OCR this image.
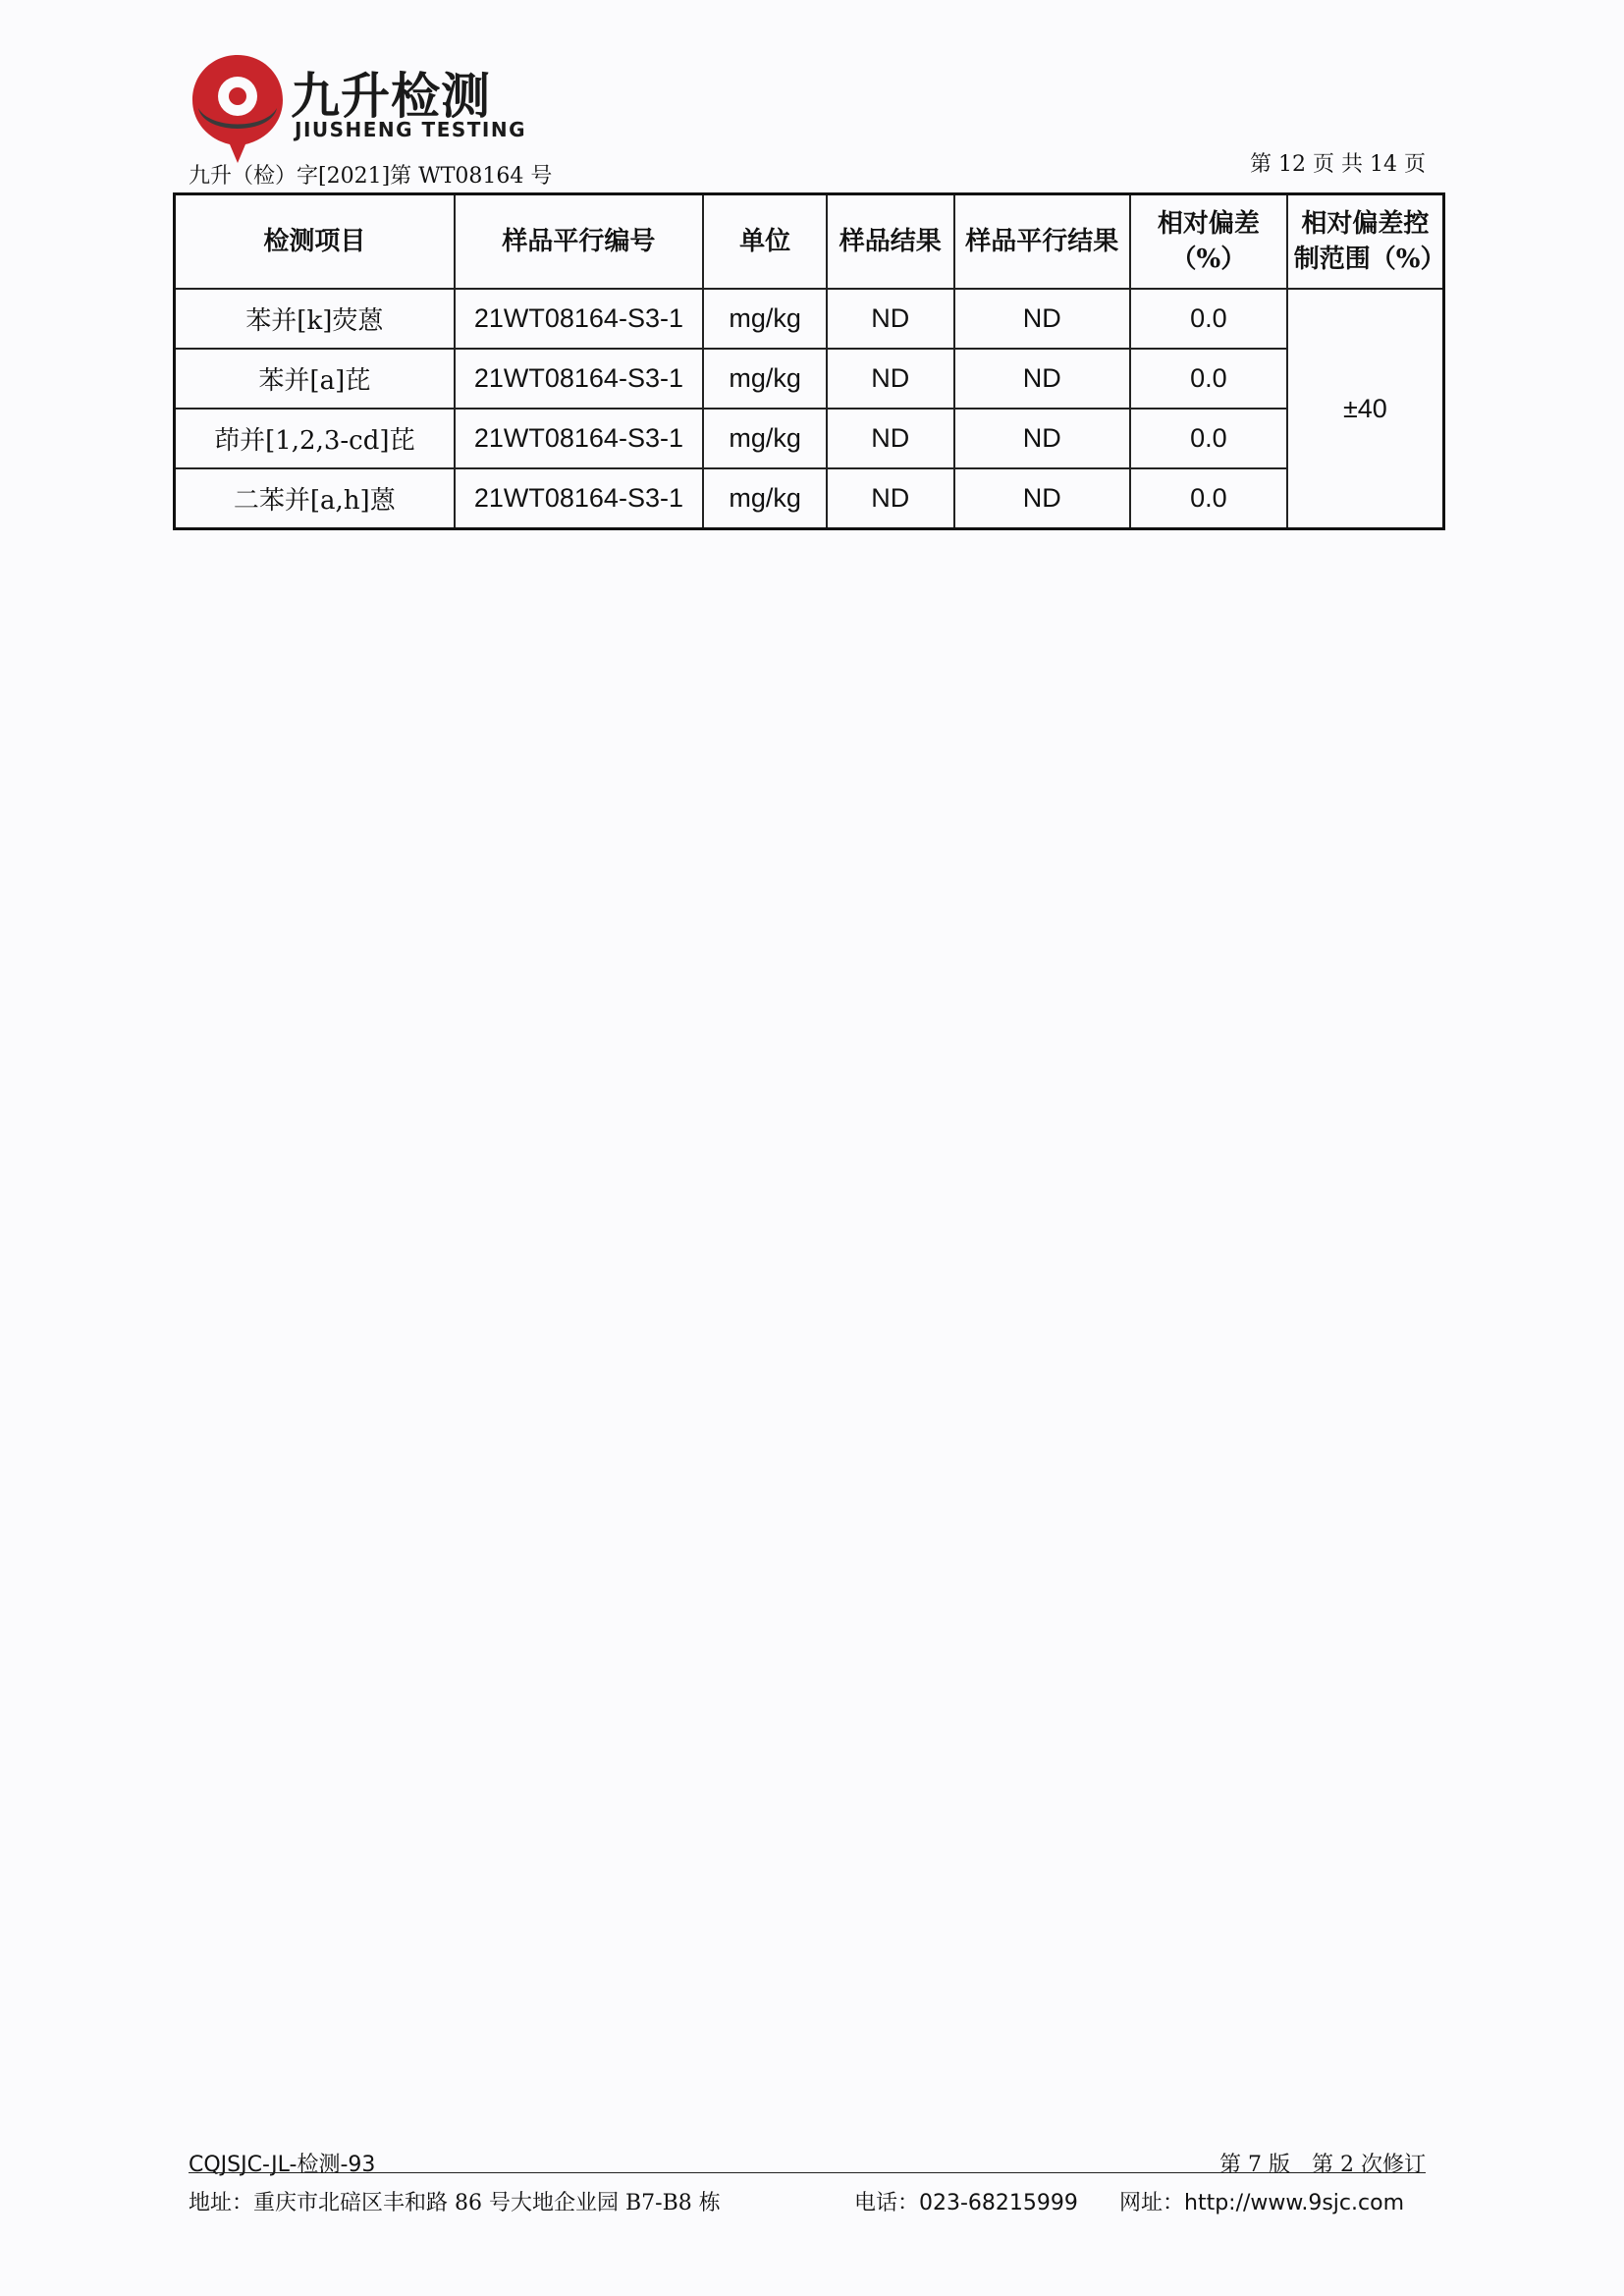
九升检测
JIUSHENG TESTING
九升（检）字[2021]第 WT08164 号	第 12 页 共 14 页
检测项目	样品平行编号	单位	样品结果	样品平行结果	相对偏差（%）	相对偏差控制范围（%）
苯并[k]荧蒽	21WT08164-S3-1	mg/kg	ND	ND	0.0	±40
苯并[a]芘	21WT08164-S3-1	mg/kg	ND	ND	0.0	
茚并[1,2,3-cd]芘	21WT08164-S3-1	mg/kg	ND	ND	0.0	
二苯并[a,h]蒽	21WT08164-S3-1	mg/kg	ND	ND	0.0	
CQJSJC-JL-检测-93	第 7 版　第 2 次修订
地址：重庆市北碚区丰和路 86 号大地企业园 B7-B8 栋	电话：023-68215999 网址：http://www.9sjc.com
